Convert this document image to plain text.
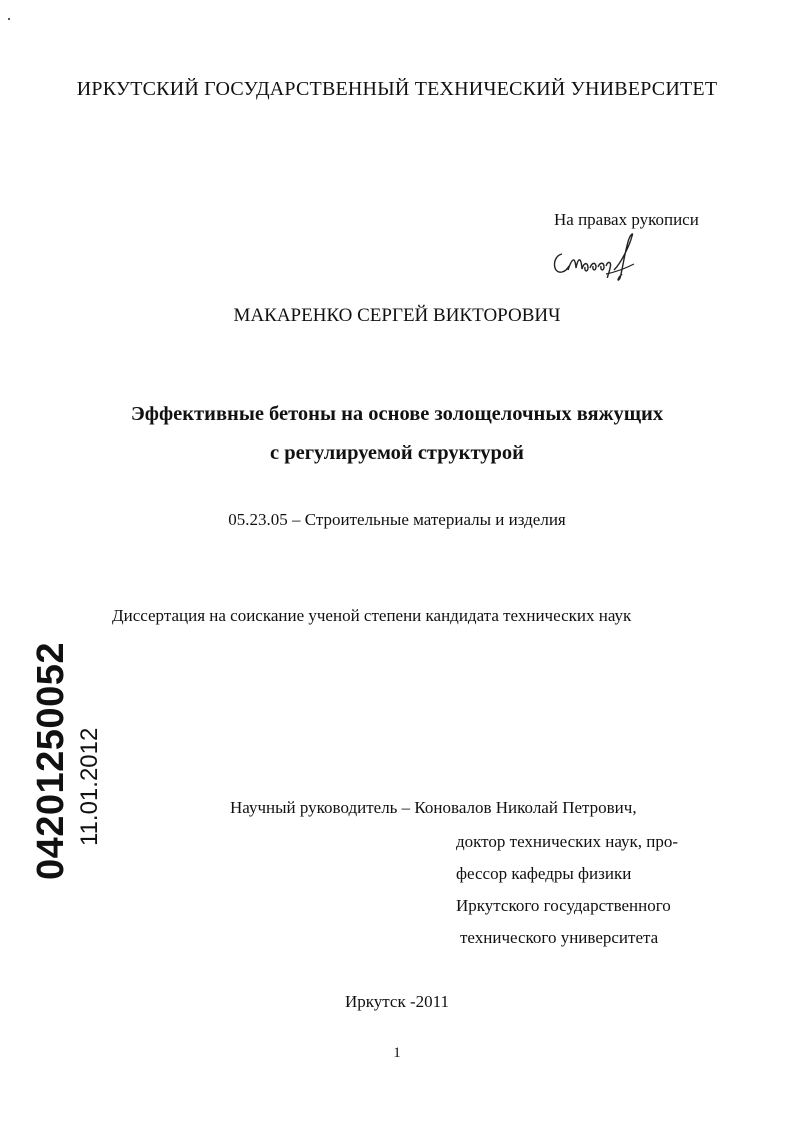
ИРКУТСКИЙ ГОСУДАРСТВЕННЫЙ ТЕХНИЧЕСКИЙ УНИВЕРСИТЕТ
На правах рукописи
МАКАРЕНКО СЕРГЕЙ ВИКТОРОВИЧ
Эффективные бетоны на основе золощелочных вяжущих
с регулируемой структурой
05.23.05 – Строительные материалы и изделия
Диссертация на соискание ученой степени кандидата технических наук
04201250052 11.01.2012	Научный руководитель – Коновалов Николай Петрович,
доктор технических наук, про-
фессор кафедры физики
Иркутского государственного
технического университета
Иркутск -2011
1
